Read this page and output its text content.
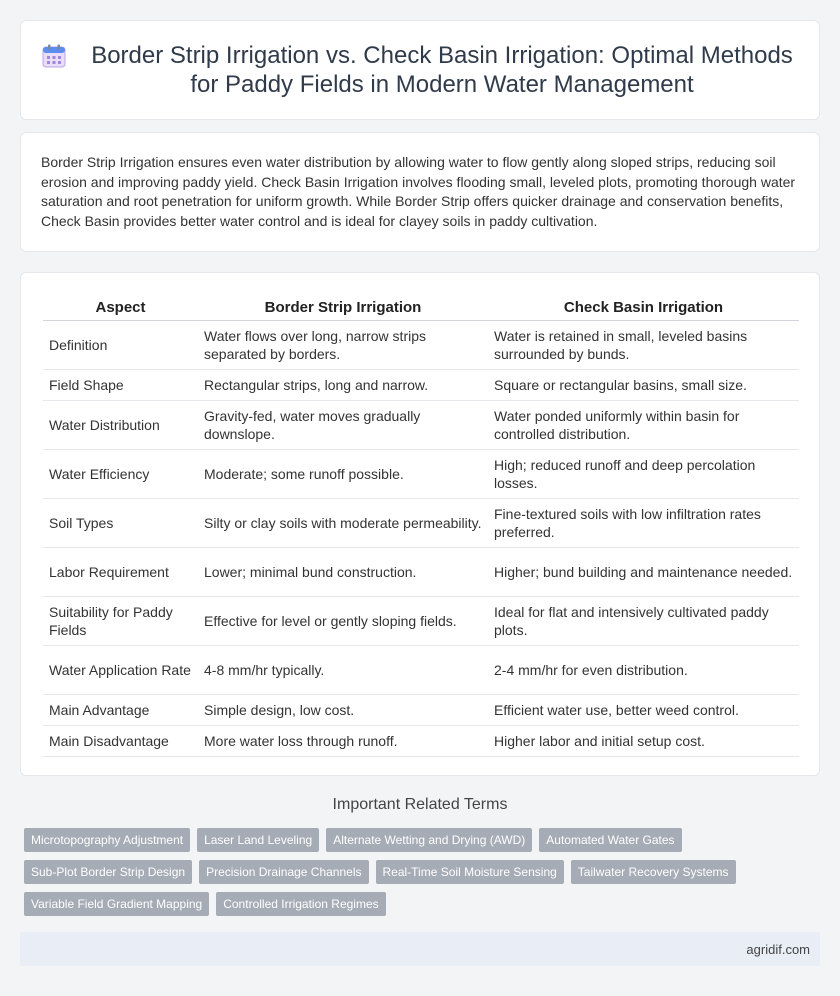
Border Strip Irrigation vs. Check Basin Irrigation: Optimal Methods for Paddy Fields in Modern Water Management

Border Strip Irrigation ensures even water distribution by allowing water to flow gently along sloped strips, reducing soil erosion and improving paddy yield. Check Basin Irrigation involves flooding small, leveled plots, promoting thorough water saturation and root penetration for uniform growth. While Border Strip offers quicker drainage and conservation benefits, Check Basin provides better water control and is ideal for clayey soils in paddy cultivation.

Aspect	Border Strip Irrigation	Check Basin Irrigation
Definition	Water flows over long, narrow strips separated by borders.	Water is retained in small, leveled basins surrounded by bunds.
Field Shape	Rectangular strips, long and narrow.	Square or rectangular basins, small size.
Water Distribution	Gravity-fed, water moves gradually downslope.	Water ponded uniformly within basin for controlled distribution.
Water Efficiency	Moderate; some runoff possible.	High; reduced runoff and deep percolation losses.
Soil Types	Silty or clay soils with moderate permeability.	Fine-textured soils with low infiltration rates preferred.
Labor Requirement	Lower; minimal bund construction.	Higher; bund building and maintenance needed.
Suitability for Paddy Fields	Effective for level or gently sloping fields.	Ideal for flat and intensively cultivated paddy plots.
Water Application Rate	4-8 mm/hr typically.	2-4 mm/hr for even distribution.
Main Advantage	Simple design, low cost.	Efficient water use, better weed control.
Main Disadvantage	More water loss through runoff.	Higher labor and initial setup cost.
Important Related Terms
Microtopography Adjustment	Laser Land Leveling	Alternate Wetting and Drying (AWD)	Automated Water Gates
Sub-Plot Border Strip Design	Precision Drainage Channels	Real-Time Soil Moisture Sensing	Tailwater Recovery Systems
Variable Field Gradient Mapping	Controlled Irrigation Regimes
agridif.com
